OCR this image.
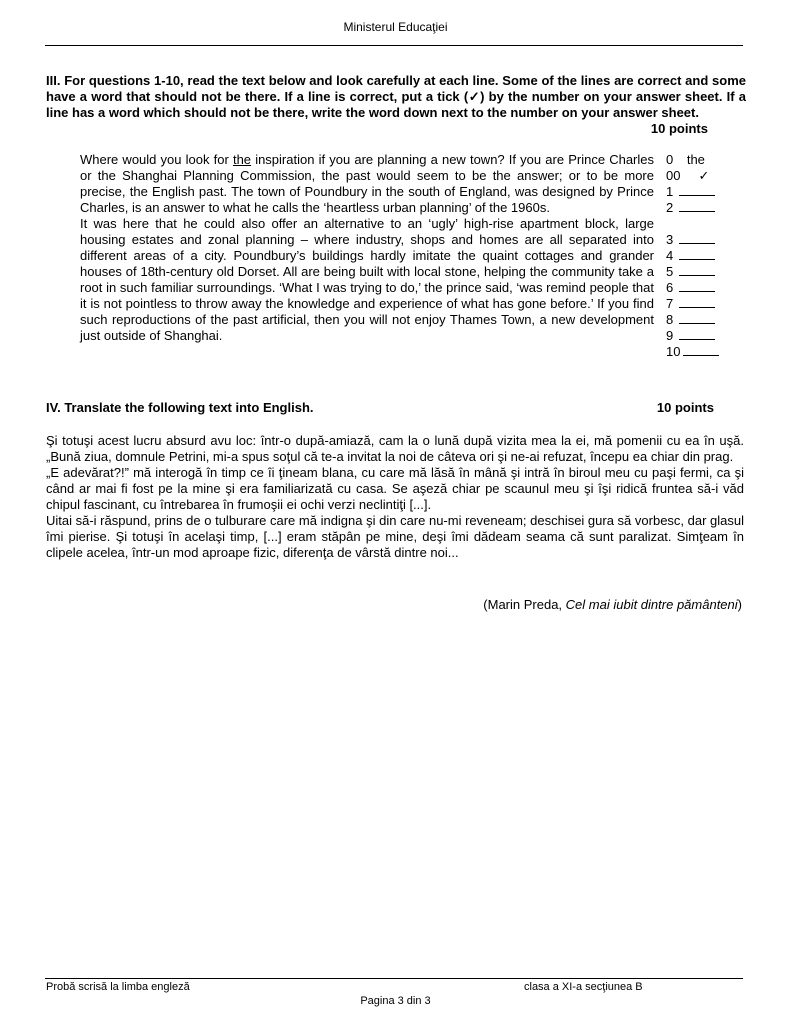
Ministerul Educaţiei
III. For questions 1-10, read the text below and look carefully at each line. Some of the lines are correct and some have a word that should not be there. If a line is correct, put a tick (✓) by the number on your answer sheet. If a line has a word which should not be there, write the word down next to the number on your answer sheet.
10 points

Where would you look for the inspiration if you are planning a new town? If you are Prince Charles or the Shanghai Planning Commission, the past would seem to be the answer; or to be more precise, the English past. The town of Poundbury in the south of England, was designed by Prince Charles, is an answer to what he calls the ‘heartless urban planning’ of the 1960s.

It was here that he could also offer an alternative to an ‘ugly’ high-rise apartment block, large housing estates and zonal planning – where industry, shops and homes are all separated into different areas of a city. Poundbury’s buildings hardly imitate the quaint cottages and grander houses of 18th-century old Dorset. All are being built with local stone, helping the community take a root in such familiar surroundings. ‘What I was trying to do,’ the prince said, ‘was remind people that it is not pointless to throw away the knowledge and experience of what has gone before.’ If you find such reproductions of the past artificial, then you will not enjoy Thames Town, a new development just outside of Shanghai.

0 the
00 ✓
1
2
3
4
5
6
7
8
9
10
IV. Translate the following text into English.	10 points

Şi totuşi acest lucru absurd avu loc: într-o după-amiază, cam la o lună după vizita mea la ei, mă pomenii cu ea în uşă. „Bună ziua, domnule Petrini, mi-a spus soţul că te-a invitat la noi de câteva ori şi ne-ai refuzat, începu ea chiar din prag.

„E adevărat?!” mă interogă în timp ce îi ţineam blana, cu care mă lăsă în mână şi intră în biroul meu cu paşi fermi, ca şi când ar mai fi fost pe la mine şi era familiarizată cu casa. Se aşeză chiar pe scaunul meu şi îşi ridică fruntea să-i văd chipul fascinant, cu întrebarea în frumoşii ei ochi verzi neclintiţi [...].

Uitai să-i răspund, prins de o tulburare care mă indigna şi din care nu-mi reveneam; deschisei gura să vorbesc, dar glasul îmi pierise. Şi totuşi în acelaşi timp, [...] eram stăpân pe mine, deşi îmi dădeam seama că sunt paralizat. Simţeam în clipele acelea, într-un mod aproape fizic, diferenţa de vârstă dintre noi...

(Marin Preda, Cel mai iubit dintre pământeni)
Probă scrisă la limba engleză	clasa a XI-a secţiunea B
Pagina 3 din 3
